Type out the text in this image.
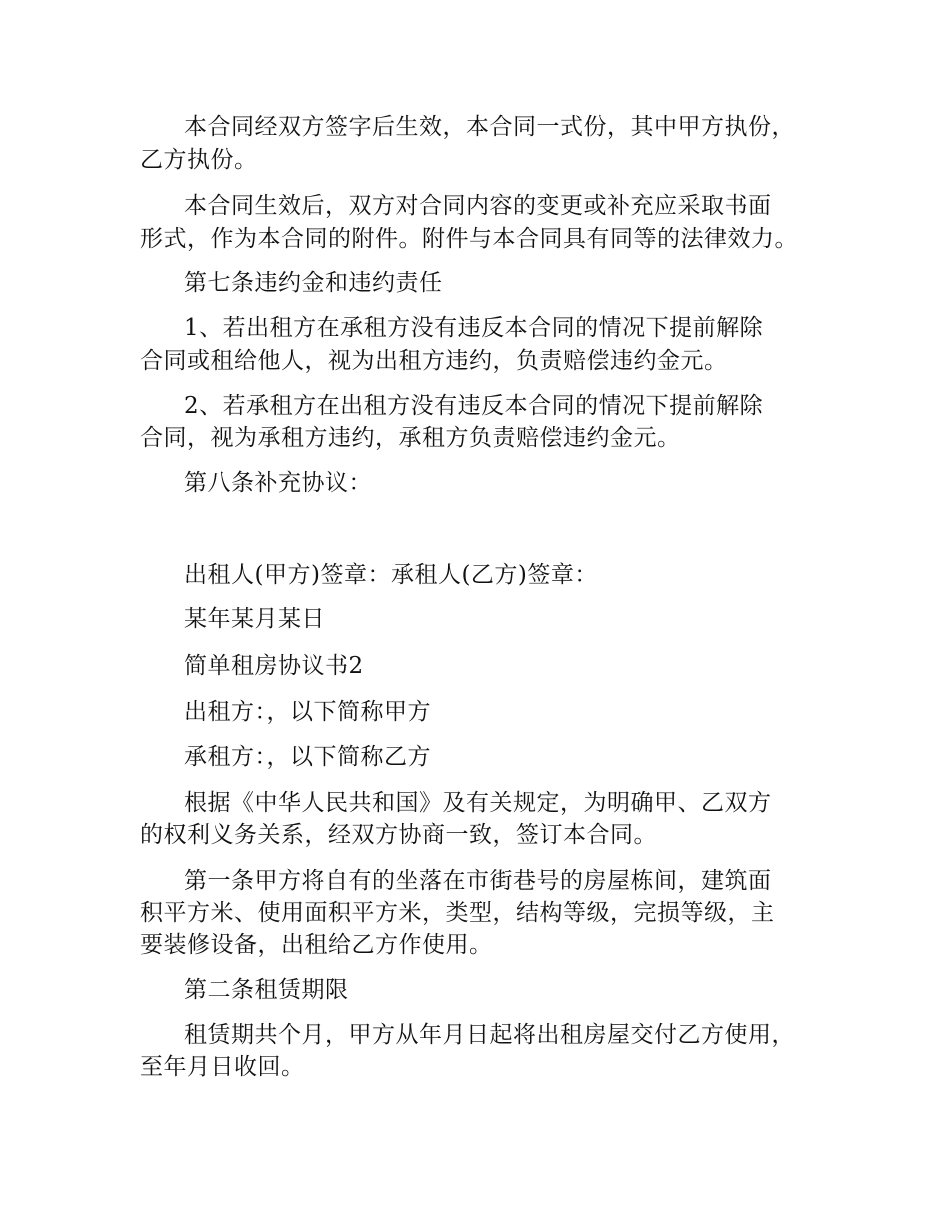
本合同经双方签字后生效，本合同一式份，其中甲方执份，

乙方执份。

本合同生效后，双方对合同内容的变更或补充应采取书面

形式，作为本合同的附件。附件与本合同具有同等的法律效力。

第七条违约金和违约责任

1、若出租方在承租方没有违反本合同的情况下提前解除

合同或租给他人，视为出租方违约，负责赔偿违约金元。

2、若承租方在出租方没有违反本合同的情况下提前解除

合同，视为承租方违约，承租方负责赔偿违约金元。

第八条补充协议：

出租人(甲方)签章：承租人(乙方)签章：

某年某月某日

简单租房协议书2

出租方：，以下简称甲方

承租方：，以下简称乙方

根据《中华人民共和国》及有关规定，为明确甲、乙双方

的权利义务关系，经双方协商一致，签订本合同。

第一条甲方将自有的坐落在市街巷号的房屋栋间，建筑面

积平方米、使用面积平方米，类型，结构等级，完损等级，主

要装修设备，出租给乙方作使用。

第二条租赁期限

租赁期共个月，甲方从年月日起将出租房屋交付乙方使用，

至年月日收回。
